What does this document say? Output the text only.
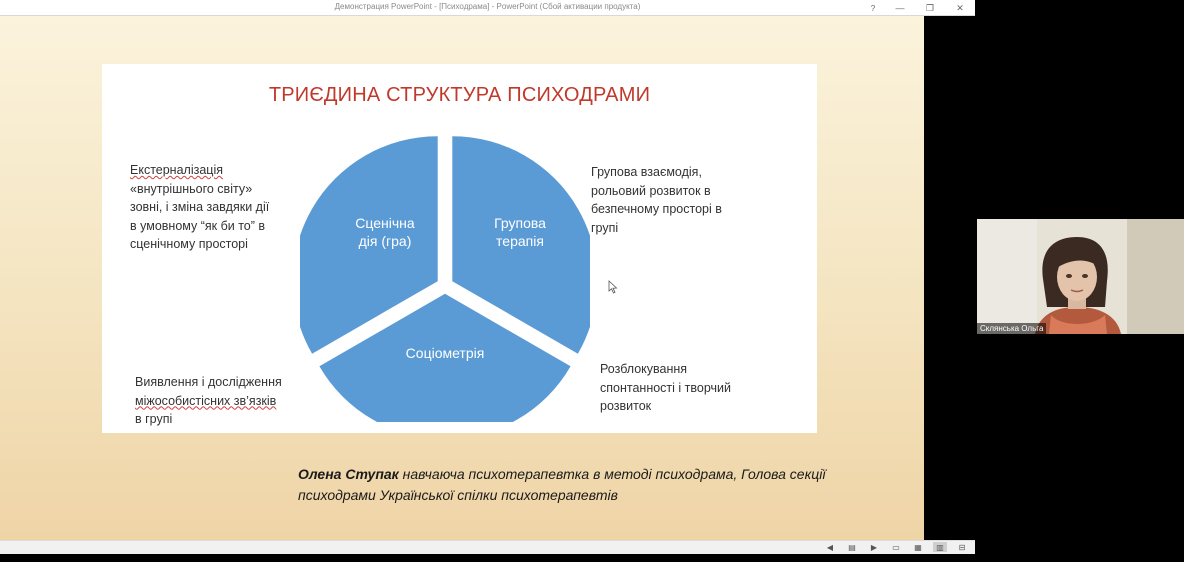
Демонстрация PowerPoint - [Психодрама] - PowerPoint (Сбой активации продукта)	?	—	❐	✕
ТРИЄДИНА СТРУКТУРА ПСИХОДРАМИ
Сценічна
дія (гра)
Групова
терапія
Соціометрія
Екстерналізація
«внутрішнього світу»
зовні, і зміна завдяки дії
в умовному “як би то” в
сценічному просторі
Групова взаємодія,
рольовий розвиток в
безпечному просторі в
групі
Виявлення і дослідження
міжособистісних зв’язків
в групі
Розблокування
спонтанності і творчий
розвиток
Олена Ступак навчаюча психотерапевтка в методі психодрама, Голова секції
психодрами Української спілки психотерапевтів
◀	▤	▶	▭	▦	▥	⊟
Склянська Ольга
